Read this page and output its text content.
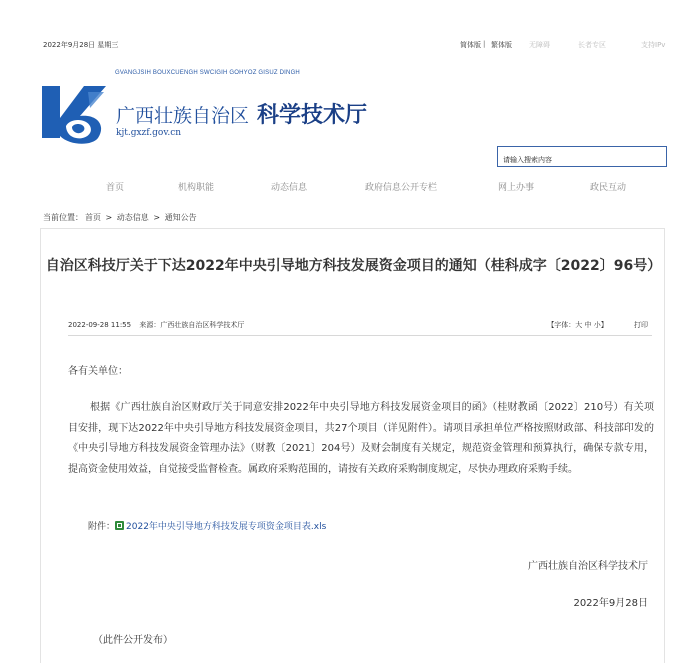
2022年9月28日 星期三	简体版 | 繁体版 无障碍	长者专区	支持IPv
GVANGJSIH BOUXCUENGH SWCIGIH GOHYOZ GISUZ DINGH
广西壮族自治区 科学技术厅
kjt.gxzf.gov.cn
请输入搜索内容
首页	机构职能	动态信息	政府信息公开专栏	网上办事	政民互动
当前位置： 首页 > 动态信息 > 通知公告
自治区科技厅关于下达2022年中央引导地方科技发展资金项目的通知（桂科成字〔2022〕96号）
2022-09-28 11:55 来源：广西壮族自治区科学技术厅	【字体：大 中 小】	打印
各有关单位：

根据《广西壮族自治区财政厅关于同意安排2022年中央引导地方科技发展资金项目的函》（桂财教函〔2022〕210号）有关项目安排，现下达2022年中央引导地方科技发展资金项目，共27个项目（详见附件）。请项目承担单位严格按照财政部、科技部印发的《中央引导地方科技发展资金管理办法》（财教〔2021〕204号）及财会制度有关规定，规范资金管理和预算执行，确保专款专用，提高资金使用效益，自觉接受监督检查。属政府采购范围的，请按有关政府采购制度规定，尽快办理政府采购手续。

附件： 2022年中央引导地方科技发展专项资金项目表.xls
广西壮族自治区科学技术厅
2022年9月28日
（此件公开发布）
